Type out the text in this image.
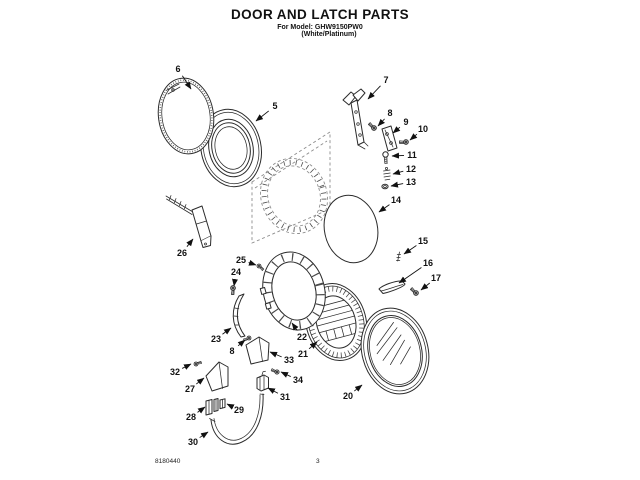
DOOR AND LATCH PARTS
For Model: GHW9150PW0
(White/Platinum)
6
5
7
8
9
10
11
12
13
14
15
16
17
22
21
20
23
8
33
24
25
26
27
28
29
30
31
32
34
8180440	3
